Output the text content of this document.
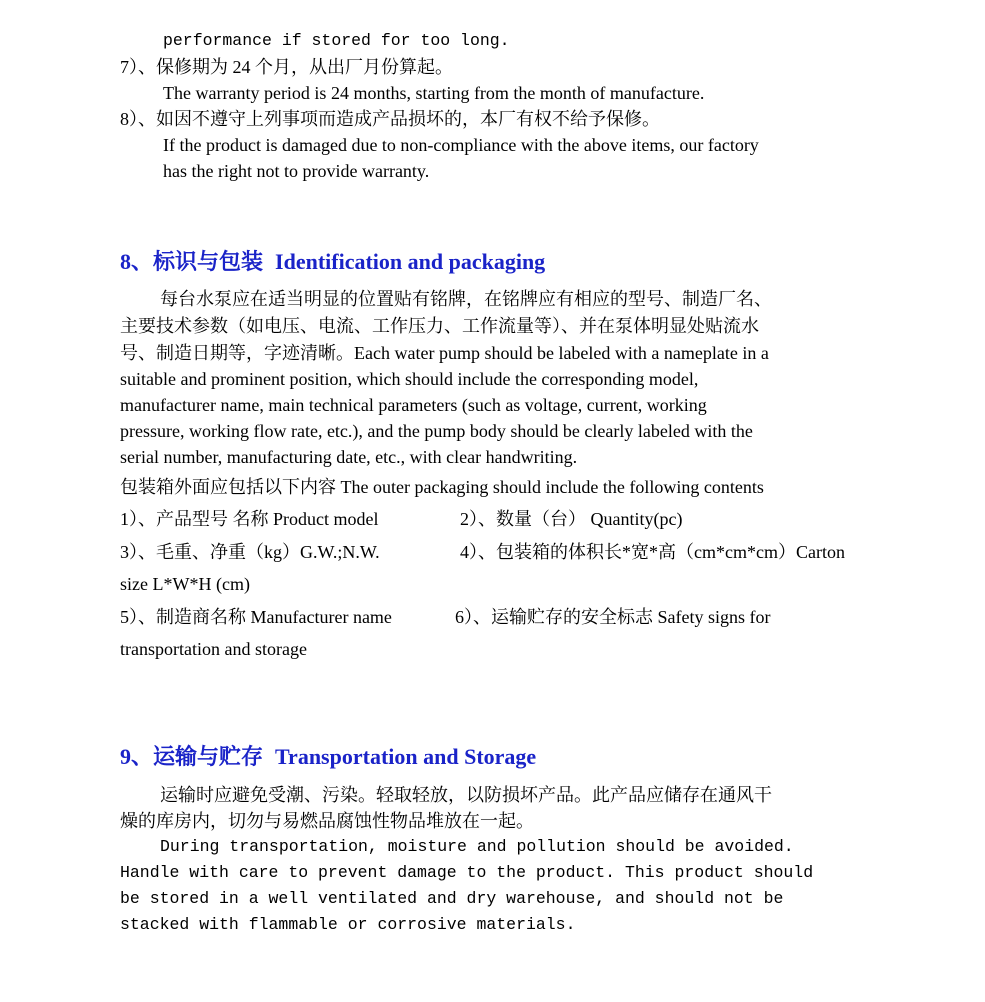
performance if stored for too long.
7）、保修期为 24 个月，从出厂月份算起。
The warranty period is 24 months, starting from the month of manufacture.
8）、如因不遵守上列事项而造成产品损坏的，本厂有权不给予保修。
If the product is damaged due to non-compliance with the above items, our factory
has the right not to provide warranty.
8、标识与包装 Identification and packaging
每台水泵应在适当明显的位置贴有铭牌，在铭牌应有相应的型号、制造厂名、
主要技术参数（如电压、电流、工作压力、工作流量等）、并在泵体明显处贴流水
号、制造日期等，字迹清晰。Each water pump should be labeled with a nameplate in a
suitable and prominent position, which should include the corresponding model,
manufacturer name, main technical parameters (such as voltage, current, working
pressure, working flow rate, etc.), and the pump body should be clearly labeled with the
serial number, manufacturing date, etc., with clear handwriting.
包装箱外面应包括以下内容 The outer packaging should include the following contents
1）、产品型号 名称 Product model	2）、数量（台） Quantity(pc)
3）、毛重、净重（kg）G.W.;N.W.	4）、包装箱的体积长*宽*高（cm*cm*cm）Carton
size L*W*H (cm)
5）、制造商名称 Manufacturer name	6）、运输贮存的安全标志 Safety signs for
transportation and storage
9、运输与贮存 Transportation and Storage
运输时应避免受潮、污染。轻取轻放，以防损坏产品。此产品应储存在通风干
燥的库房内，切勿与易燃品腐蚀性物品堆放在一起。
During transportation, moisture and pollution should be avoided.
Handle with care to prevent damage to the product. This product should
be stored in a well ventilated and dry warehouse, and should not be
stacked with flammable or corrosive materials.
